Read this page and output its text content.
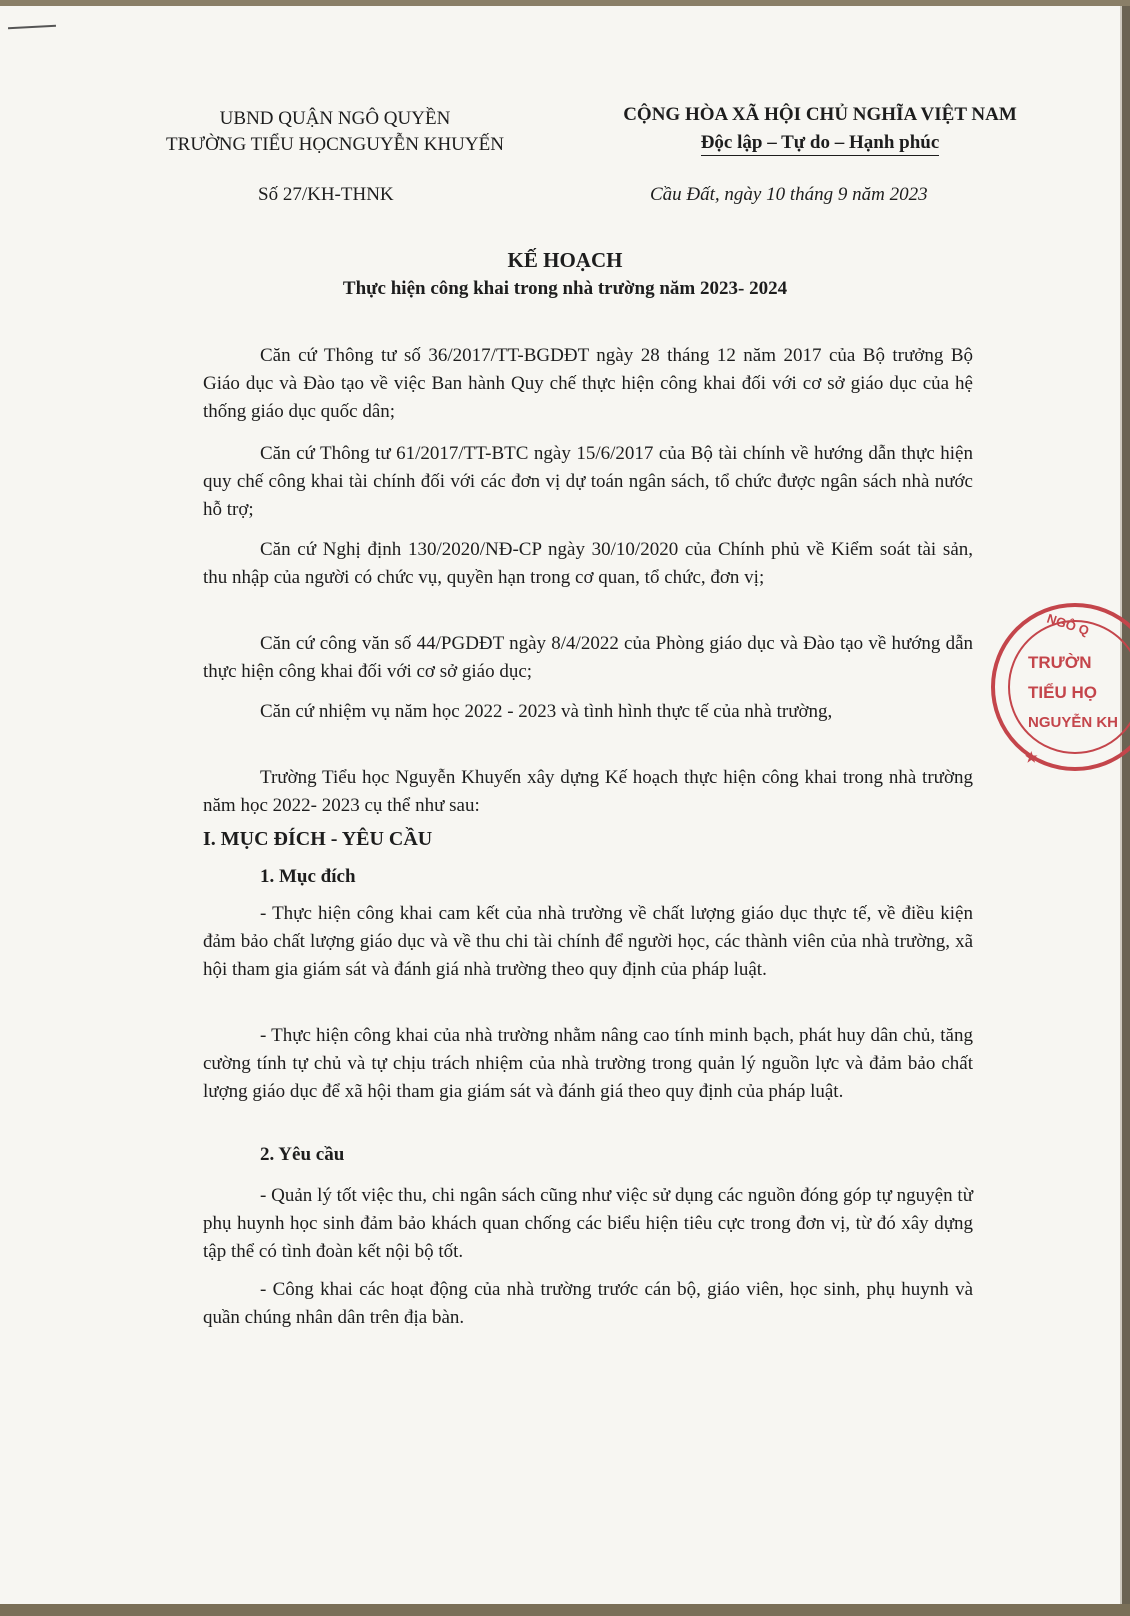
UBND QUẬN NGÔ QUYỀN
TRƯỜNG TIỂU HỌCNGUYỄN KHUYẾN
CỘNG HÒA XÃ HỘI CHỦ NGHĨA VIỆT NAM
Độc lập – Tự do – Hạnh phúc
Số 27/KH-THNK	Cầu Đất, ngày 10 tháng 9 năm 2023
KẾ HOẠCH
Thực hiện công khai trong nhà trường năm 2023- 2024
Căn cứ Thông tư số 36/2017/TT-BGDĐT ngày 28 tháng 12 năm 2017 của Bộ trưởng Bộ Giáo dục và Đào tạo về việc Ban hành Quy chế thực hiện công khai đối với cơ sở giáo dục của hệ thống giáo dục quốc dân;
Căn cứ Thông tư 61/2017/TT-BTC ngày 15/6/2017 của Bộ tài chính về hướng dẫn thực hiện quy chế công khai tài chính đối với các đơn vị dự toán ngân sách, tổ chức được ngân sách nhà nước hỗ trợ;
Căn cứ Nghị định 130/2020/NĐ-CP ngày 30/10/2020 của Chính phủ về Kiểm soát tài sản, thu nhập của người có chức vụ, quyền hạn trong cơ quan, tổ chức, đơn vị;
Căn cứ công văn số 44/PGDĐT ngày 8/4/2022 của Phòng giáo dục và Đào tạo về hướng dẫn thực hiện công khai đối với cơ sở giáo dục;
Căn cứ nhiệm vụ năm học 2022 - 2023 và tình hình thực tế của nhà trường,
Trường Tiểu học Nguyễn Khuyến xây dựng Kế hoạch thực hiện công khai trong nhà trường năm học 2022- 2023 cụ thể như sau:
I. MỤC ĐÍCH - YÊU CẦU
1. Mục đích
- Thực hiện công khai cam kết của nhà trường về chất lượng giáo dục thực tế, về điều kiện đảm bảo chất lượng giáo dục và về thu chi tài chính để người học, các thành viên của nhà trường, xã hội tham gia giám sát và đánh giá nhà trường theo quy định của pháp luật.
- Thực hiện công khai của nhà trường nhằm nâng cao tính minh bạch, phát huy dân chủ, tăng cường tính tự chủ và tự chịu trách nhiệm của nhà trường trong quản lý nguồn lực và đảm bảo chất lượng giáo dục để xã hội tham gia giám sát và đánh giá theo quy định của pháp luật.
2. Yêu cầu
- Quản lý tốt việc thu, chi ngân sách cũng như việc sử dụng các nguồn đóng góp tự nguyện từ phụ huynh học sinh đảm bảo khách quan chống các biểu hiện tiêu cực trong đơn vị, từ đó xây dựng tập thể có tình đoàn kết nội bộ tốt.
- Công khai các hoạt động của nhà trường trước cán bộ, giáo viên, học sinh, phụ huynh và quần chúng nhân dân trên địa bàn.
NGÔ Q
★
TRƯỜN
TIỂU HỌ
NGUYỄN KH
